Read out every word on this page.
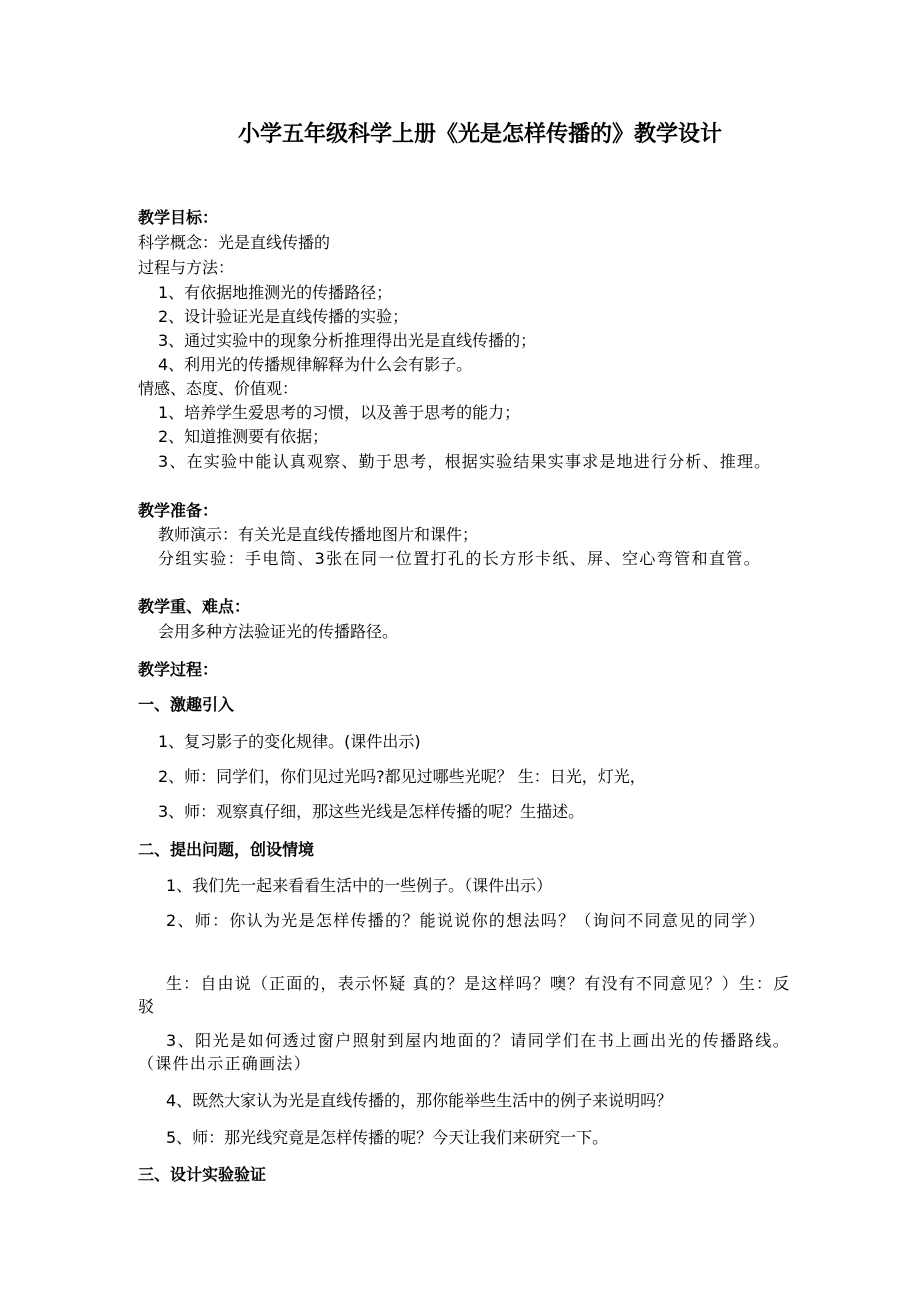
小学五年级科学上册《光是怎样传播的》教学设计
教学目标：
科学概念：光是直线传播的
过程与方法：
1、有依据地推测光的传播路径；
2、设计验证光是直线传播的实验；
3、通过实验中的现象分析推理得出光是直线传播的；
4、利用光的传播规律解释为什么会有影子。
情感、态度、价值观：
1、培养学生爱思考的习惯，以及善于思考的能力；
2、知道推测要有依据；
3、在实验中能认真观察、勤于思考，根据实验结果实事求是地进行分析、推理。
教学准备：
教师演示：有关光是直线传播地图片和课件；
分组实验：手电筒、3张在同一位置打孔的长方形卡纸、屏、空心弯管和直管。
教学重、难点：
会用多种方法验证光的传播路径。
教学过程：
一、激趣引入
1、复习影子的变化规律。(课件出示)
2、师：同学们，你们见过光吗?都见过哪些光呢？ 生：日光，灯光，
3、师：观察真仔细，那这些光线是怎样传播的呢？生描述。
二、提出问题，创设情境
1、我们先一起来看看生活中的一些例子。（课件出示）
2、师：你认为光是怎样传播的？能说说你的想法吗？（询问不同意见的同学）
生：自由说（正面的，表示怀疑 真的？是这样吗？噢？有没有不同意见？）生：反驳
3、阳光是如何透过窗户照射到屋内地面的？请同学们在书上画出光的传播路线。（课件出示正确画法）
4、既然大家认为光是直线传播的，那你能举些生活中的例子来说明吗？
5、师：那光线究竟是怎样传播的呢？今天让我们来研究一下。
三、设计实验验证
